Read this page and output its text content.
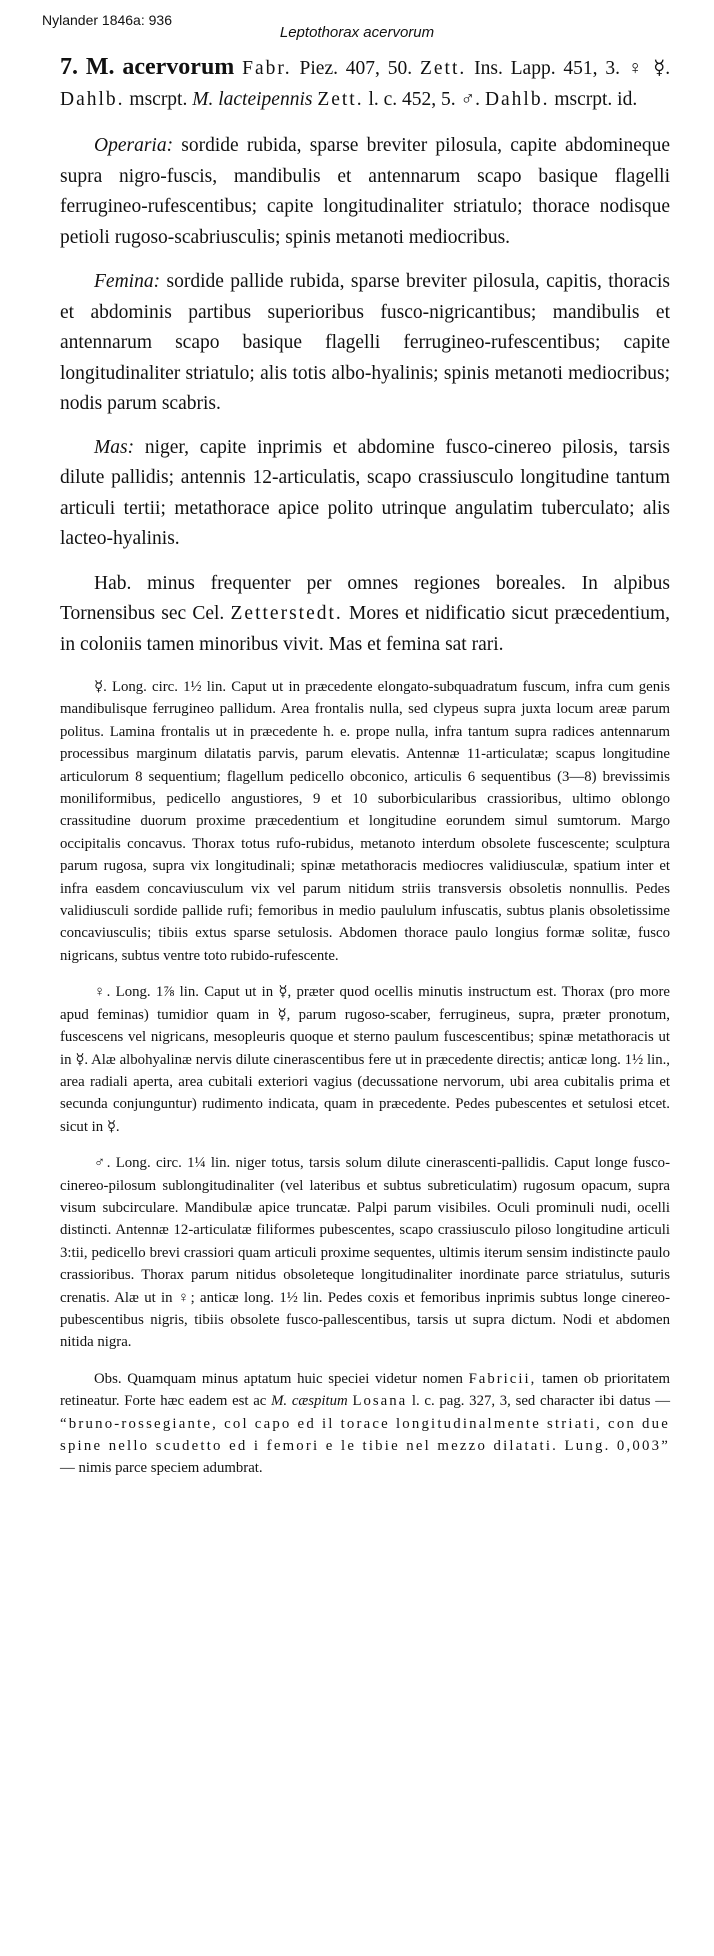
Nylander 1846a: 936
Leptothorax acervorum

7. M. acervorum Fabr. Piez. 407, 50. Zett. Ins. Lapp. 451, 3. ♀ ☿. Dahlb. mscrpt. M. lacteipennis Zett. l. c. 452, 5. ♂. Dahlb. mscrpt. id.

Operaria: sordide rubida, sparse breviter pilosula, capite abdomineque supra nigro-fuscis, mandibulis et antennarum scapo basique flagelli ferrugineo-rufescentibus; capite longitudinaliter striatulo; thorace nodisque petioli rugoso-scabriusculis; spinis metanoti mediocribus.

Femina: sordide pallide rubida, sparse breviter pilosula, capitis, thoracis et abdominis partibus superioribus fusco-nigricantibus; mandibulis et antennarum scapo basique flagelli ferrugineo-rufescentibus; capite longitudinaliter striatulo; alis totis albo-hyalinis; spinis metanoti mediocribus; nodis parum scabris.

Mas: niger, capite inprimis et abdomine fusco-cinereo pilosis, tarsis dilute pallidis; antennis 12-articulatis, scapo crassiusculo longitudine tantum articuli tertii; metathorace apice polito utrinque angulatim tuberculato; alis lacteo-hyalinis.

Hab. minus frequenter per omnes regiones boreales. In alpibus Tornensibus sec Cel. Zetterstedt. Mores et nidificatio sicut præcedentium, in coloniis tamen minoribus vivit. Mas et femina sat rari.

☿. Long. circ. 1½ lin. Caput ut in præcedente elongato-subquadratum fuscum, infra cum genis mandibulisque ferrugineo pallidum. Area frontalis nulla, sed clypeus supra juxta locum areæ parum politus. Lamina frontalis ut in præcedente h. e. prope nulla, infra tantum supra radices antennarum processibus marginum dilatatis parvis, parum elevatis. Antennæ 11-articulatæ; scapus longitudine articulorum 8 sequentium; flagellum pedicello obconico, articulis 6 sequentibus (3—8) brevissimis moniliformibus, pedicello angustiores, 9 et 10 suborbicularibus crassioribus, ultimo oblongo crassitudine duorum proxime præcedentium et longitudine eorundem simul sumtorum. Margo occipitalis concavus. Thorax totus rufo-rubidus, metanoto interdum obsolete fuscescente; sculptura parum rugosa, supra vix longitudinali; spinæ metathoracis mediocres validiusculæ, spatium inter et infra easdem concaviusculum vix vel parum nitidum striis transversis obsoletis nonnullis. Pedes validiusculi sordide pallide rufi; femoribus in medio paululum infuscatis, subtus planis obsoletissime concaviusculis; tibiis extus sparse setulosis. Abdomen thorace paulo longius formæ solitæ, fusco nigricans, subtus ventre toto rubido-rufescente.

♀. Long. 1⅞ lin. Caput ut in ☿, præter quod ocellis minutis instructum est. Thorax (pro more apud feminas) tumidior quam in ☿, parum rugoso-scaber, ferrugineus, supra, præter pronotum, fuscescens vel nigricans, mesopleuris quoque et sterno paulum fuscescentibus; spinæ metathoracis ut in ☿. Alæ albohyalinæ nervis dilute cinerascentibus fere ut in præcedente directis; anticæ long. 1½ lin., area radiali aperta, area cubitali exteriori vagius (decussatione nervorum, ubi area cubitalis prima et secunda conjunguntur) rudimento indicata, quam in præcedente. Pedes pubescentes et setulosi etcet. sicut in ☿.

♂. Long. circ. 1¼ lin. niger totus, tarsis solum dilute cinerascenti-pallidis. Caput longe fusco-cinereo-pilosum sublongitudinaliter (vel lateribus et subtus subreticulatim) rugosum opacum, supra visum subcirculare. Mandibulæ apice truncatæ. Palpi parum visibiles. Oculi prominuli nudi, ocelli distincti. Antennæ 12-articulatæ filiformes pubescentes, scapo crassiusculo piloso longitudine articuli 3:tii, pedicello brevi crassiori quam articuli proxime sequentes, ultimis iterum sensim indistincte paulo crassioribus. Thorax parum nitidus obsoleteque longitudinaliter inordinate parce striatulus, suturis crenatis. Alæ ut in ♀; anticæ long. 1½ lin. Pedes coxis et femoribus inprimis subtus longe cinereo-pubescentibus nigris, tibiis obsolete fusco-pallescentibus, tarsis ut supra dictum. Nodi et abdomen nitida nigra.

Obs. Quamquam minus aptatum huic speciei videtur nomen Fabricii, tamen ob prioritatem retineatur. Forte hæc eadem est ac M. cæspitum Losana l. c. pag. 327, 3, sed character ibi datus — “bruno-rossegiante, col capo ed il torace longitudinalmente striati, con due spine nello scudetto ed i femori e le tibie nel mezzo dilatati. Lung. 0,003” — nimis parce speciem adumbrat.
